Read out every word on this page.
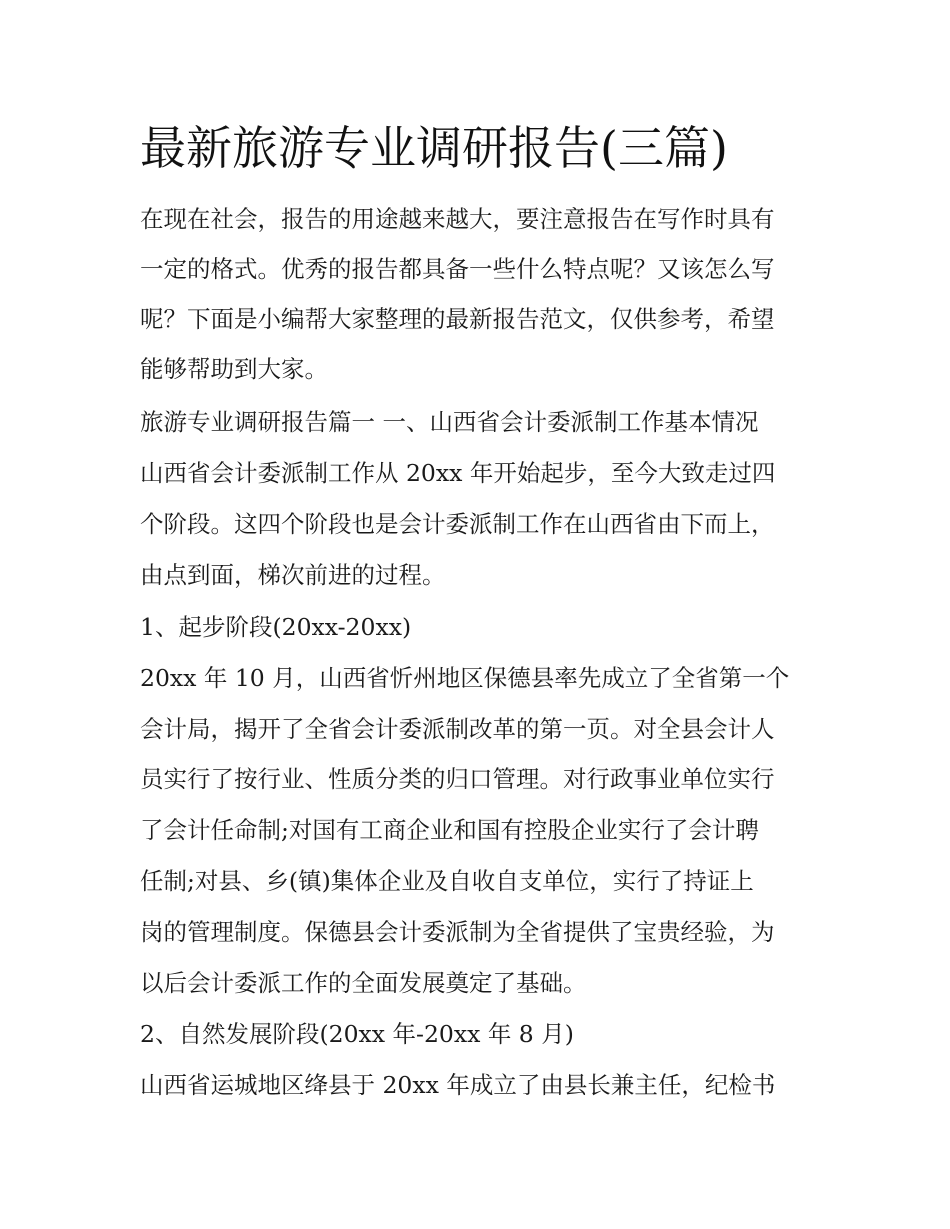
最新旅游专业调研报告(三篇)

在现在社会，报告的用途越来越大，要注意报告在写作时具有

一定的格式。优秀的报告都具备一些什么特点呢？又该怎么写

呢？下面是小编帮大家整理的最新报告范文，仅供参考，希望

能够帮助到大家。

旅游专业调研报告篇一 一、山西省会计委派制工作基本情况

山西省会计委派制工作从 20xx 年开始起步，至今大致走过四

个阶段。这四个阶段也是会计委派制工作在山西省由下而上，

由点到面，梯次前进的过程。

1、起步阶段(20xx-20xx)

20xx 年 10 月，山西省忻州地区保德县率先成立了全省第一个

会计局，揭开了全省会计委派制改革的第一页。对全县会计人

员实行了按行业、性质分类的归口管理。对行政事业单位实行

了会计任命制;对国有工商企业和国有控股企业实行了会计聘

任制;对县、乡(镇)集体企业及自收自支单位，实行了持证上

岗的管理制度。保德县会计委派制为全省提供了宝贵经验，为

以后会计委派工作的全面发展奠定了基础。

2、自然发展阶段(20xx 年-20xx 年 8 月)

山西省运城地区绛县于 20xx 年成立了由县长兼主任，纪检书
